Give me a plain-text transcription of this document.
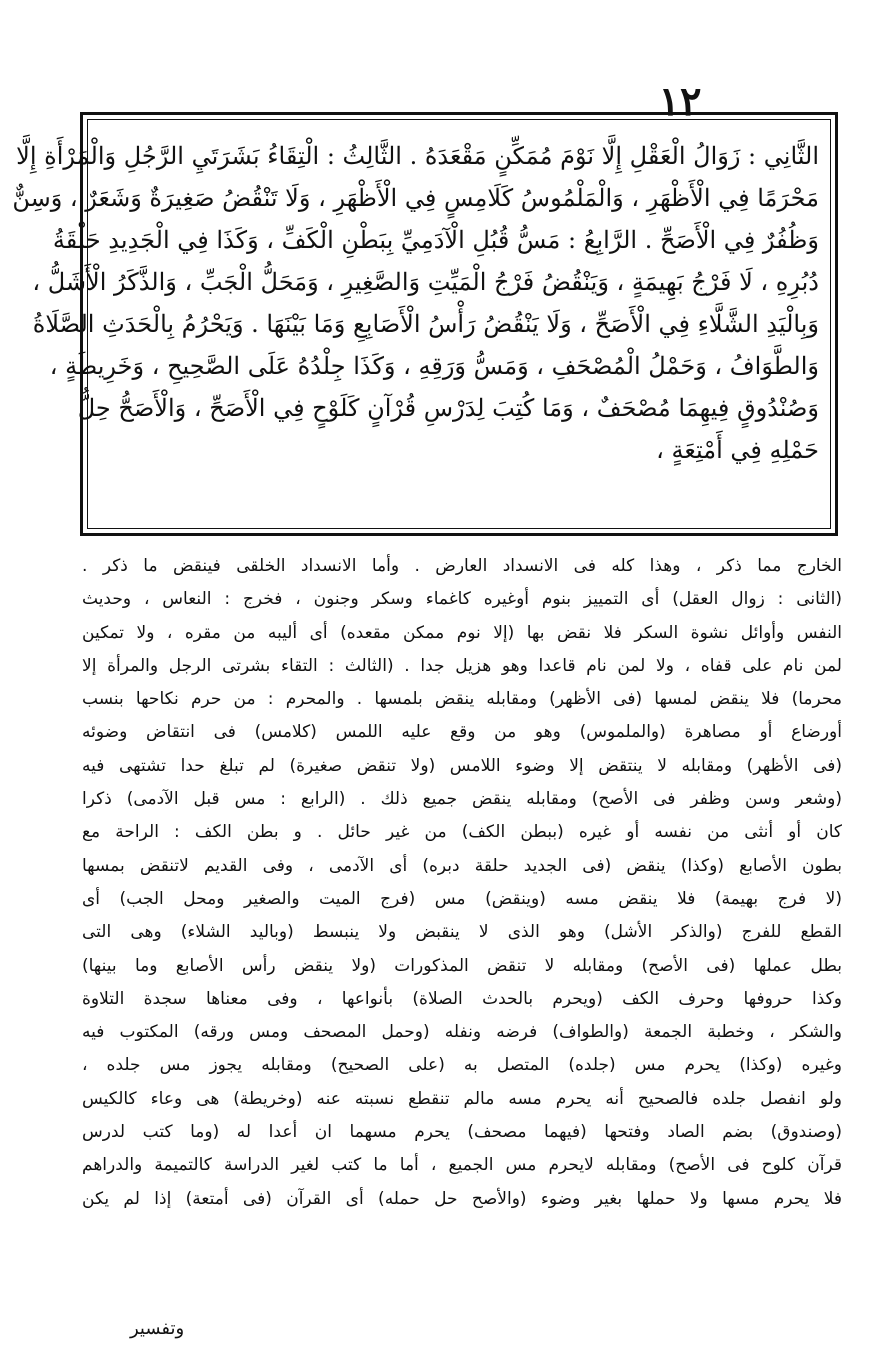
١٢
الثَّانِي : زَوَالُ الْعَقْلِ إِلَّا نَوْمَ مُمَكِّنٍ مَقْعَدَهُ . الثَّالِثُ : الْتِقَاءُ بَشَرَتَيِ الرَّجُلِ وَالْمَرْأَةِ إِلَّا
مَحْرَمًا فِي الْأَظْهَرِ ، وَالْمَلْمُوسُ كَلَامِسٍ فِي الْأَظْهَرِ ، وَلَا تَنْقُضُ صَغِيرَةٌ وَشَعَرٌ ، وَسِنٌّ
وَظُفُرٌ فِي الْأَصَحِّ . الرَّابِعُ : مَسُّ قُبُلِ الْآدَمِيِّ بِبَطْنِ الْكَفِّ ، وَكَذَا فِي الْجَدِيدِ حَلْقَةُ
دُبُرِهِ ، لَا فَرْجُ بَهِيمَةٍ ، وَيَنْقُضُ فَرْجُ الْمَيِّتِ وَالصَّغِيرِ ، وَمَحَلُّ الْجَبِّ ، وَالذَّكَرُ الْأَشَلُّ ،
وَبِالْيَدِ الشَّلَّاءِ فِي الْأَصَحِّ ، وَلَا يَنْقُضُ رَأْسُ الْأَصَابِعِ وَمَا بَيْنَهَا . وَيَحْرُمُ بِالْحَدَثِ الصَّلَاةُ
وَالطَّوَافُ ، وَحَمْلُ الْمُصْحَفِ ، وَمَسُّ وَرَقِهِ ، وَكَذَا جِلْدُهُ عَلَى الصَّحِيحِ ، وَخَرِيطَةٍ ،
وَصُنْدُوقٍ فِيهِمَا مُصْحَفٌ ، وَمَا كُتِبَ لِدَرْسِ قُرْآنٍ كَلَوْحٍ فِي الْأَصَحِّ ، وَالْأَصَحُّ حِلُّ
حَمْلِهِ فِي أَمْتِعَةٍ ،
الخارج مما ذكر ، وهذا كله فى الانسداد العارض . وأما الانسداد الخلقى فينقض ما ذكر .
(الثانى : زوال العقل) أى التمييز بنوم أوغيره كاغماء وسكر وجنون ، فخرج : النعاس ، وحديث
النفس وأوائل نشوة السكر فلا نقض بها (إلا نوم ممكن مقعده) أى أليبه من مقره ، ولا تمكين
لمن نام على قفاه ، ولا لمن نام قاعدا وهو هزيل جدا . (الثالث : التقاء بشرتى الرجل والمرأة إلا
محرما) فلا ينقض لمسها (فى الأظهر) ومقابله ينقض بلمسها . والمحرم : من حرم نكاحها بنسب
أورضاع أو مصاهرة (والملموس) وهو من وقع عليه اللمس (كلامس) فى انتقاض وضوئه
(فى الأظهر) ومقابله لا ينتقض إلا وضوء اللامس (ولا تنقض صغيرة) لم تبلغ حدا تشتهى فيه
(وشعر وسن وظفر فى الأصح) ومقابله ينقض جميع ذلك . (الرابع : مس قبل الآدمى) ذكرا
كان أو أنثى من نفسه أو غيره (ببطن الكف) من غير حائل . و بطن الكف : الراحة مع
بطون الأصابع (وكذا) ينقض (فى الجديد حلقة دبره) أى الآدمى ، وفى القديم لاتنقض بمسها
(لا فرج بهيمة) فلا ينقض مسه (وينقض) مس (فرج الميت والصغير ومحل الجب) أى
القطع للفرج (والذكر الأشل) وهو الذى لا ينقبض ولا ينبسط (وباليد الشلاء) وهى التى
بطل عملها (فى الأصح) ومقابله لا تنقض المذكورات (ولا ينقض رأس الأصابع وما بينها)
وكذا حروفها وحرف الكف (ويحرم بالحدث الصلاة) بأنواعها ، وفى معناها سجدة التلاوة
والشكر ، وخطبة الجمعة (والطواف) فرضه ونفله (وحمل المصحف ومس ورقه) المكتوب فيه
وغيره (وكذا) يحرم مس (جلده) المتصل به (على الصحيح) ومقابله يجوز مس جلده ،
ولو انفصل جلده فالصحيح أنه يحرم مسه مالم تنقطع نسبته عنه (وخريطة) هى وعاء كالكيس
(وصندوق) بضم الصاد وفتحها (فيهما مصحف) يحرم مسهما ان أعدا له (وما كتب لدرس
قرآن كلوح فى الأصح) ومقابله لايحرم مس الجميع ، أما ما كتب لغير الدراسة كالتميمة والدراهم
فلا يحرم مسها ولا حملها بغير وضوء (والأصح حل حمله) أى القرآن (فى أمتعة) إذا لم يكن
وتفسير
